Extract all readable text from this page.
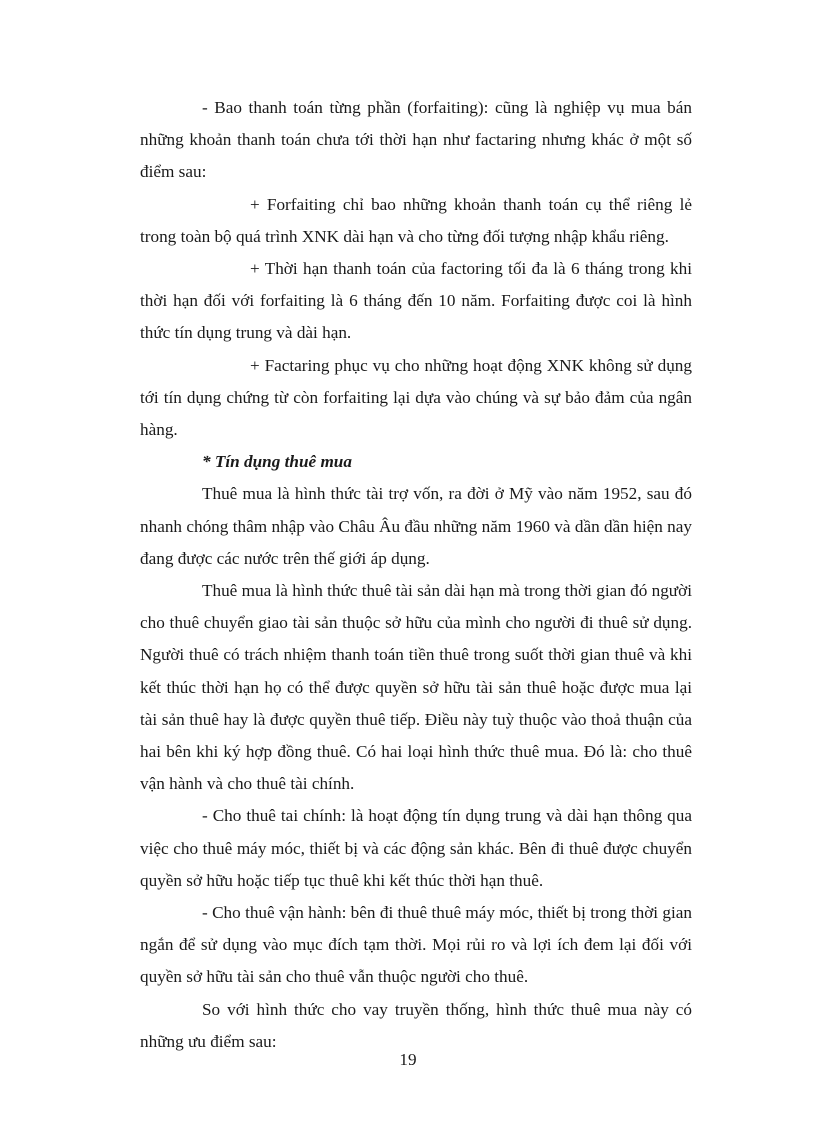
- Bao thanh toán từng phần (forfaiting): cũng là nghiệp vụ mua bán những khoản thanh toán chưa tới thời hạn như factaring nhưng khác ở một số điểm sau:

+ Forfaiting chỉ bao những khoản thanh toán cụ thể riêng lẻ trong toàn bộ quá trình XNK dài hạn và cho từng đối tượng nhập khẩu riêng.

+ Thời hạn thanh toán của factoring tối đa là 6 tháng trong khi thời hạn đối với forfaiting là 6 tháng đến 10 năm. Forfaiting được coi là hình thức tín dụng trung và dài hạn.

+ Factaring phục vụ cho những hoạt động XNK không sử dụng tới tín dụng chứng từ còn forfaiting lại dựa vào chúng và sự bảo đảm của ngân hàng.

* Tín dụng thuê mua

Thuê mua là hình thức tài trợ vốn, ra đời ở Mỹ vào năm 1952, sau đó nhanh chóng thâm nhập vào Châu Âu đầu những năm 1960 và dần dần hiện nay đang được các nước trên thế giới áp dụng.

Thuê mua là hình thức thuê tài sản dài hạn mà trong thời gian đó người cho thuê chuyển giao tài sản thuộc sở hữu của mình cho người đi thuê sử dụng. Người thuê có trách nhiệm thanh toán tiền thuê trong suốt thời gian thuê và khi kết thúc thời hạn họ có thể được quyền sở hữu tài sản thuê hoặc được mua lại tài sản thuê hay là được quyền thuê tiếp. Điều này tuỳ thuộc vào thoả thuận của hai bên khi ký hợp đồng thuê. Có hai loại hình thức thuê mua. Đó là: cho thuê vận hành và cho thuê tài chính.

- Cho thuê tai chính: là hoạt động tín dụng trung và dài hạn thông qua việc cho thuê máy móc, thiết bị và các động sản khác. Bên đi thuê được chuyển quyền sở hữu hoặc tiếp tục thuê khi kết thúc thời hạn thuê.

- Cho thuê vận hành: bên đi thuê thuê máy móc, thiết bị trong thời gian ngắn để sử dụng vào mục đích tạm thời. Mọi rủi ro và lợi ích đem lại đối với quyền sở hữu tài sản cho thuê vẫn thuộc người cho thuê.

So với hình thức cho vay truyền thống, hình thức thuê mua này có những ưu điểm sau:

19
